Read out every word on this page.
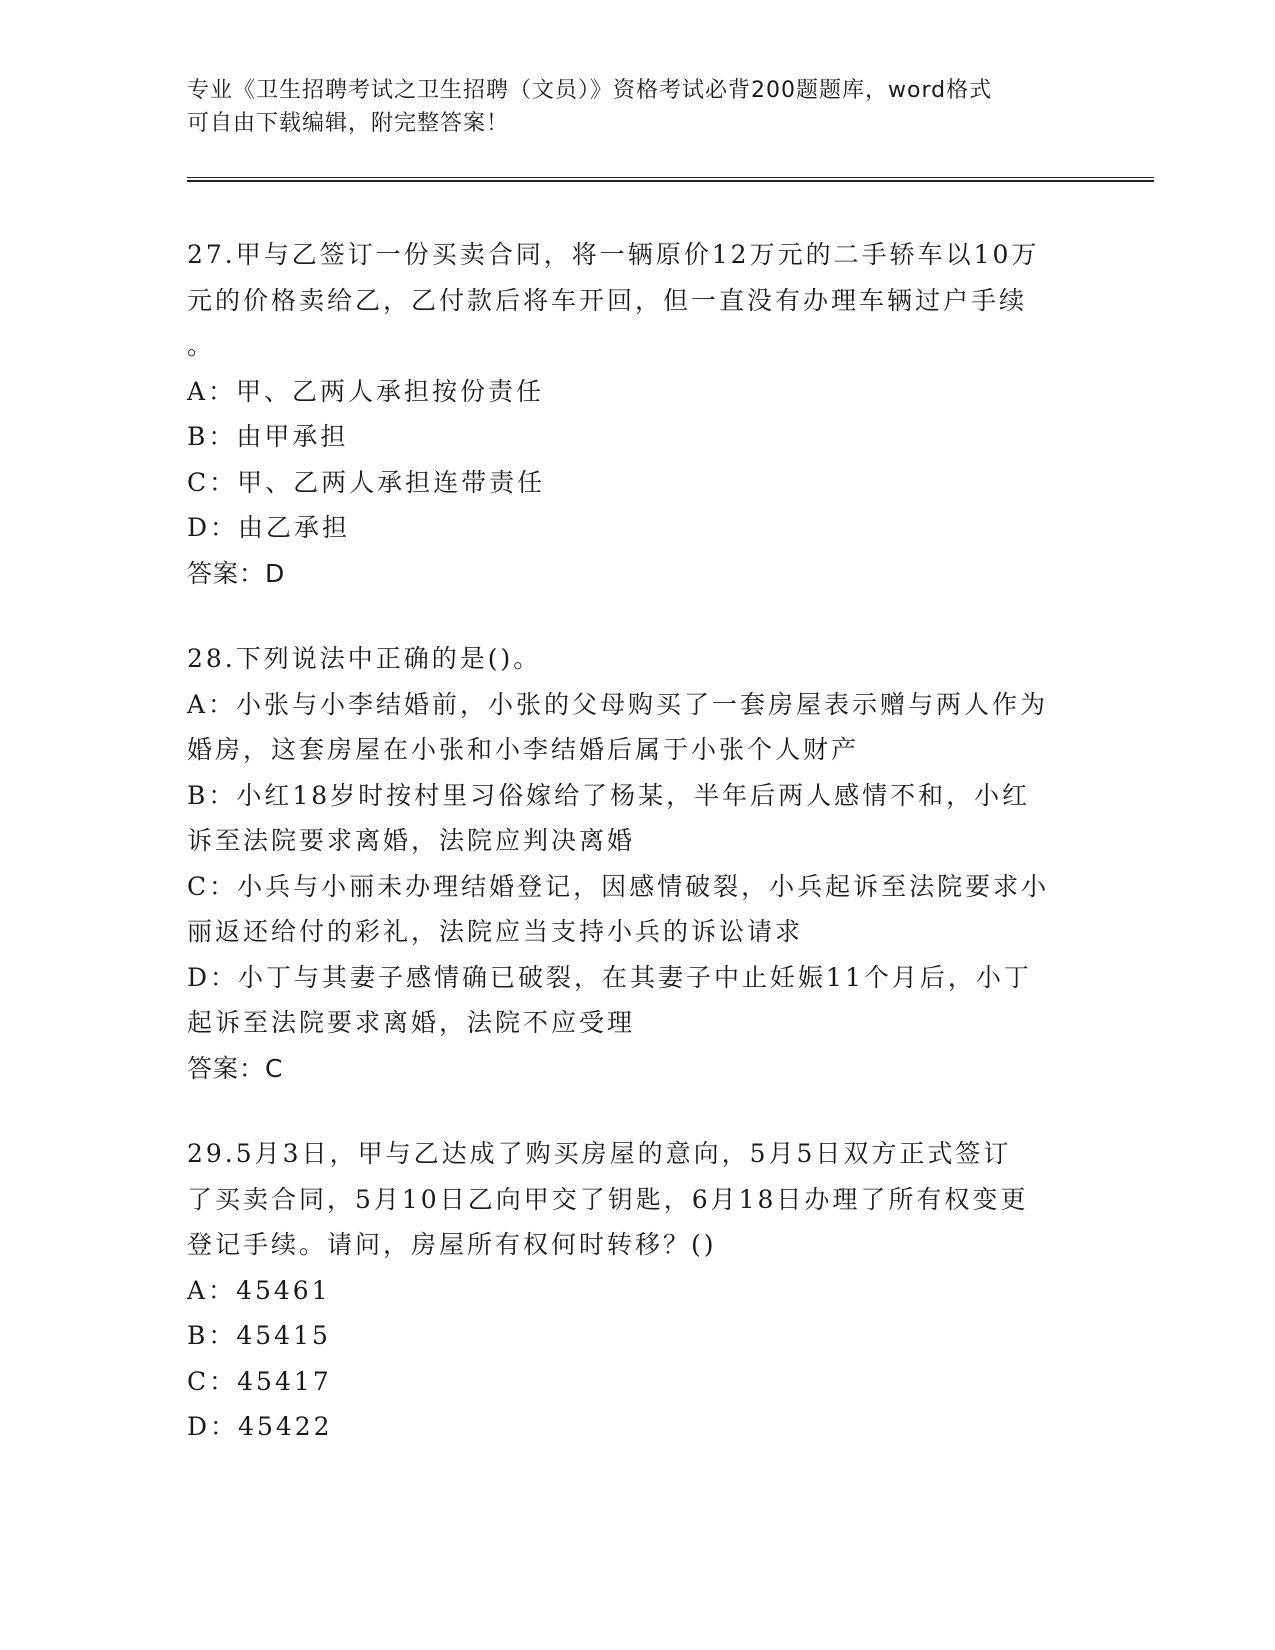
专业《卫生招聘考试之卫生招聘（文员）》资格考试必背200题题库，word格式
可自由下载编辑，附完整答案！
27.甲与乙签订一份买卖合同，将一辆原价12万元的二手轿车以10万
元的价格卖给乙，乙付款后将车开回，但一直没有办理车辆过户手续
。
A：甲、乙两人承担按份责任
B：由甲承担
C：甲、乙两人承担连带责任
D：由乙承担
答案：D
28.下列说法中正确的是()。
A：小张与小李结婚前，小张的父母购买了一套房屋表示赠与两人作为
婚房，这套房屋在小张和小李结婚后属于小张个人财产
B：小红18岁时按村里习俗嫁给了杨某，半年后两人感情不和，小红
诉至法院要求离婚，法院应判决离婚
C：小兵与小丽未办理结婚登记，因感情破裂，小兵起诉至法院要求小
丽返还给付的彩礼，法院应当支持小兵的诉讼请求
D：小丁与其妻子感情确已破裂，在其妻子中止妊娠11个月后，小丁
起诉至法院要求离婚，法院不应受理
答案：C
29.5月3日，甲与乙达成了购买房屋的意向，5月5日双方正式签订
了买卖合同，5月10日乙向甲交了钥匙，6月18日办理了所有权变更
登记手续。请问，房屋所有权何时转移？()
A：45461
B：45415
C：45417
D：45422
